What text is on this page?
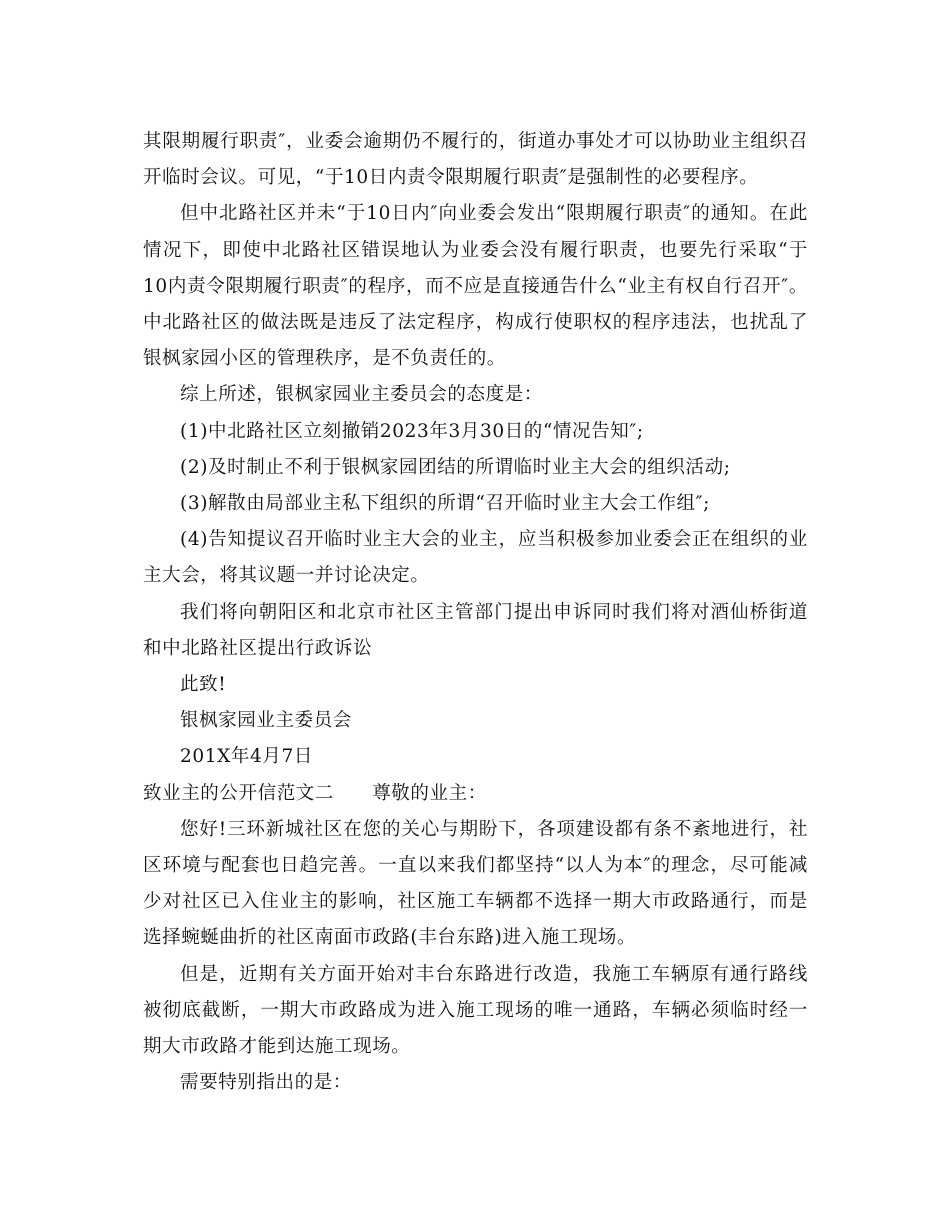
其限期履行职责″，业委会逾期仍不履行的，街道办事处才可以协助业主组织召开临时会议。可见，“于10日内责令限期履行职责″是强制性的必要程序。

但中北路社区并未“于10日内″向业委会发出“限期履行职责″的通知。在此情况下，即使中北路社区错误地认为业委会没有履行职责，也要先行采取“于10内责令限期履行职责″的程序，而不应是直接通告什么“业主有权自行召开″。中北路社区的做法既是违反了法定程序，构成行使职权的程序违法，也扰乱了银枫家园小区的管理秩序，是不负责任的。

综上所述，银枫家园业主委员会的态度是：

(1)中北路社区立刻撤销2023年3月30日的“情况告知″;

(2)及时制止不利于银枫家园团结的所谓临时业主大会的组织活动;

(3)解散由局部业主私下组织的所谓“召开临时业主大会工作组″;

(4)告知提议召开临时业主大会的业主，应当积极参加业委会正在组织的业主大会，将其议题一并讨论决定。

我们将向朝阳区和北京市社区主管部门提出申诉同时我们将对酒仙桥街道和中北路社区提出行政诉讼

此致!

银枫家园业主委员会

201X年4月7日

致业主的公开信范文二　　尊敬的业主：

您好!三环新城社区在您的关心与期盼下，各项建设都有条不紊地进行，社区环境与配套也日趋完善。一直以来我们都坚持“以人为本″的理念，尽可能减少对社区已入住业主的影响，社区施工车辆都不选择一期大市政路通行，而是选择蜿蜒曲折的社区南面市政路(丰台东路)进入施工现场。

但是，近期有关方面开始对丰台东路进行改造，我施工车辆原有通行路线被彻底截断，一期大市政路成为进入施工现场的唯一通路，车辆必须临时经一期大市政路才能到达施工现场。

需要特别指出的是：
